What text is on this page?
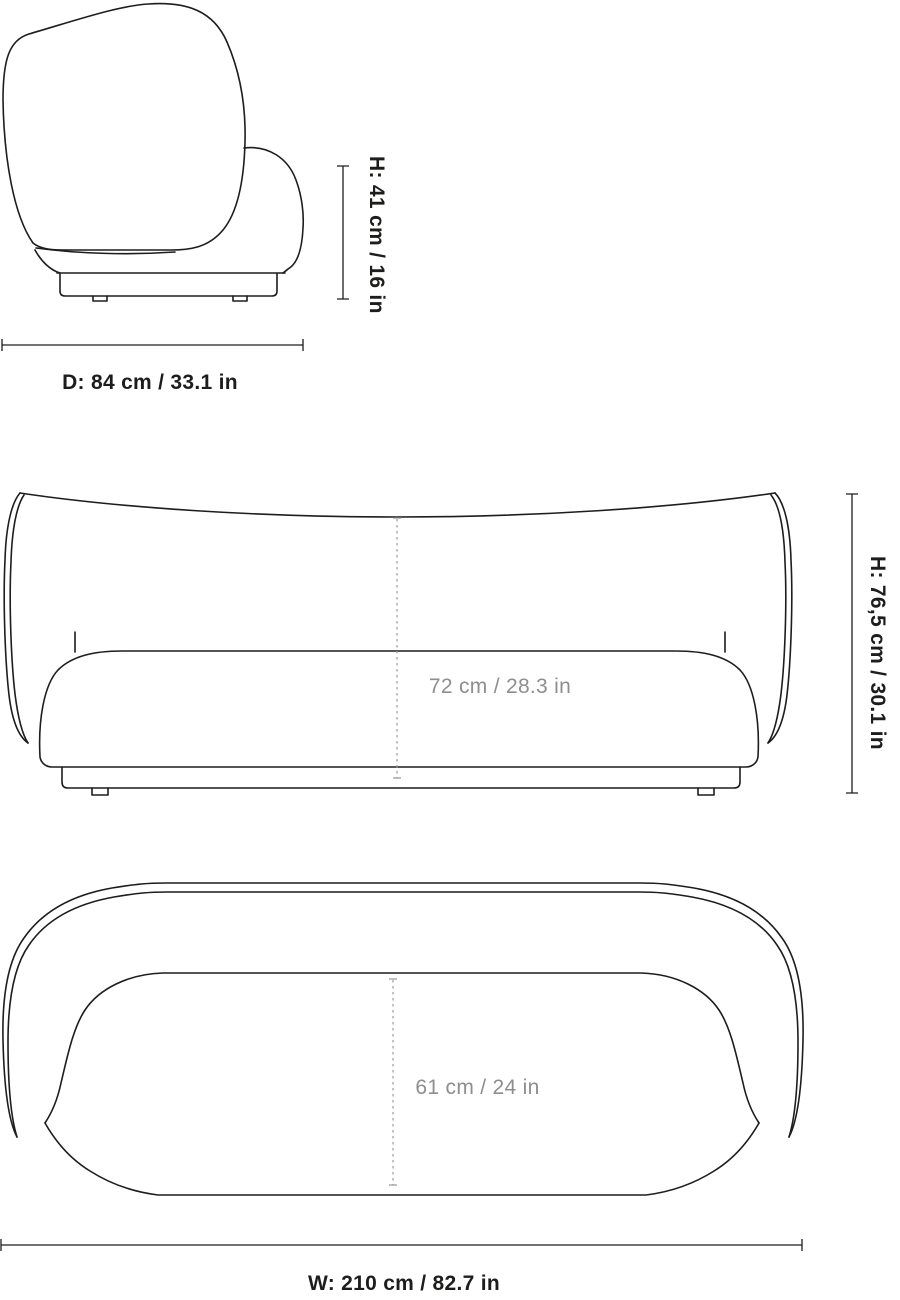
H: 41 cm / 16 in
D: 84 cm / 33.1 in
72 cm / 28.3 in	H: 76,5 cm / 30.1 in
61 cm / 24 in
W: 210 cm / 82.7 in
